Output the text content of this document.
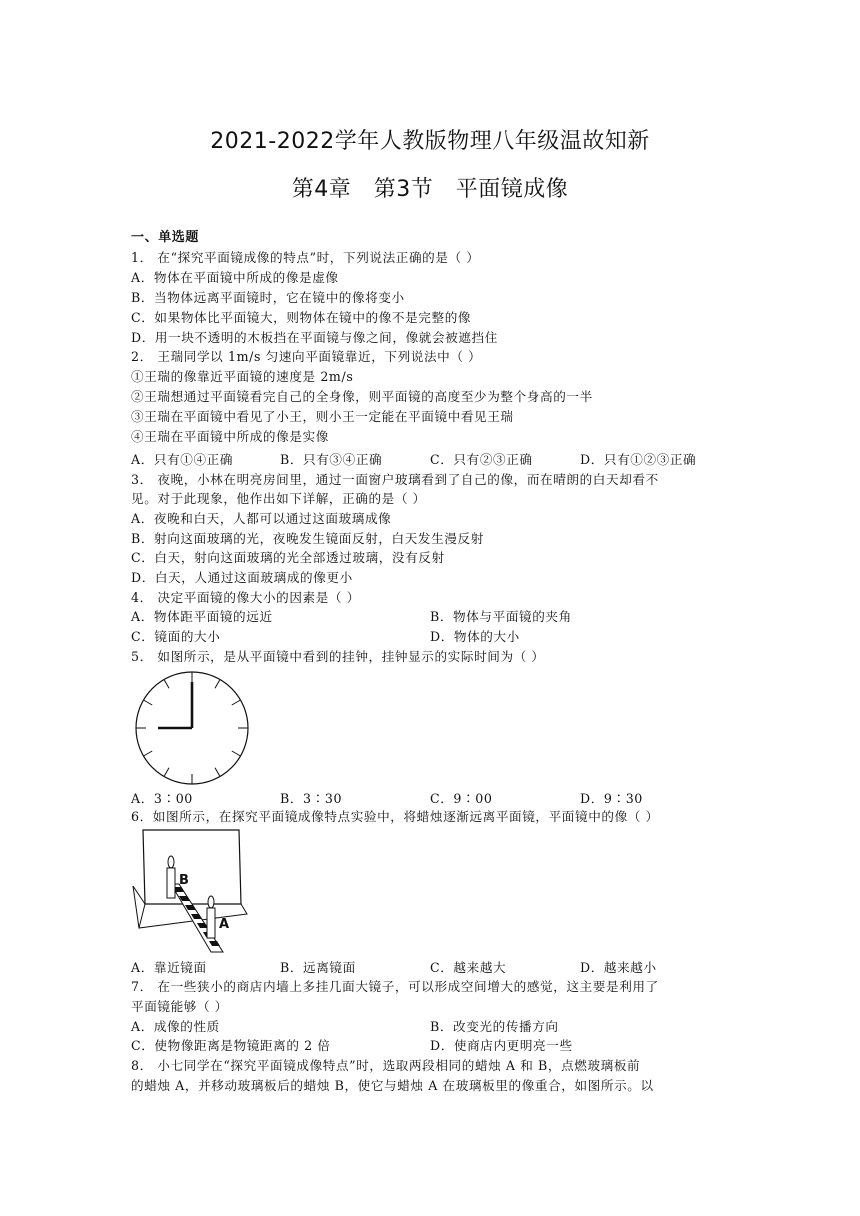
2021-2022学年人教版物理八年级温故知新
第4章　第3节　平面镜成像
一、单选题
1． 在“探究平面镜成像的特点”时，下列说法正确的是（ ）
A．物体在平面镜中所成的像是虚像
B．当物体远离平面镜时，它在镜中的像将变小
C．如果物体比平面镜大，则物体在镜中的像不是完整的像
D．用一块不透明的木板挡在平面镜与像之间，像就会被遮挡住
2． 王瑞同学以 1m/s 匀速向平面镜靠近，下列说法中（ ）
①王瑞的像靠近平面镜的速度是 2m/s
②王瑞想通过平面镜看完自己的全身像，则平面镜的高度至少为整个身高的一半
③王瑞在平面镜中看见了小王，则小王一定能在平面镜中看见王瑞
④王瑞在平面镜中所成的像是实像
A．只有①④正确	B．只有③④正确	C．只有②③正确	D．只有①②③正确
3． 夜晚，小林在明亮房间里，通过一面窗户玻璃看到了自己的像，而在晴朗的白天却看不
见。对于此现象，他作出如下详解，正确的是（ ）
A．夜晚和白天，人都可以通过这面玻璃成像
B．射向这面玻璃的光，夜晚发生镜面反射，白天发生漫反射
C．白天，射向这面玻璃的光全部透过玻璃，没有反射
D．白天，人通过这面玻璃成的像更小
4． 决定平面镜的像大小的因素是（ ）
A．物体距平面镜的远近	B．物体与平面镜的夹角
C．镜面的大小	D．物体的大小
5． 如图所示，是从平面镜中看到的挂钟，挂钟显示的实际时间为（ ）
A．3∶00	B．3∶30	C．9∶00	D．9∶30
6．如图所示，在探究平面镜成像特点实验中，将蜡烛逐渐远离平面镜，平面镜中的像（ ）
B
A
A．靠近镜面	B．远离镜面	C．越来越大	D．越来越小
7． 在一些狭小的商店内墙上多挂几面大镜子，可以形成空间增大的感觉，这主要是利用了
平面镜能够（ ）
A．成像的性质	B．改变光的传播方向
C．使物像距离是物镜距离的 2 倍	D．使商店内更明亮一些
8． 小七同学在“探究平面镜成像特点”时，选取两段相同的蜡烛 A 和 B，点燃玻璃板前
的蜡烛 A，并移动玻璃板后的蜡烛 B，使它与蜡烛 A 在玻璃板里的像重合，如图所示。以
